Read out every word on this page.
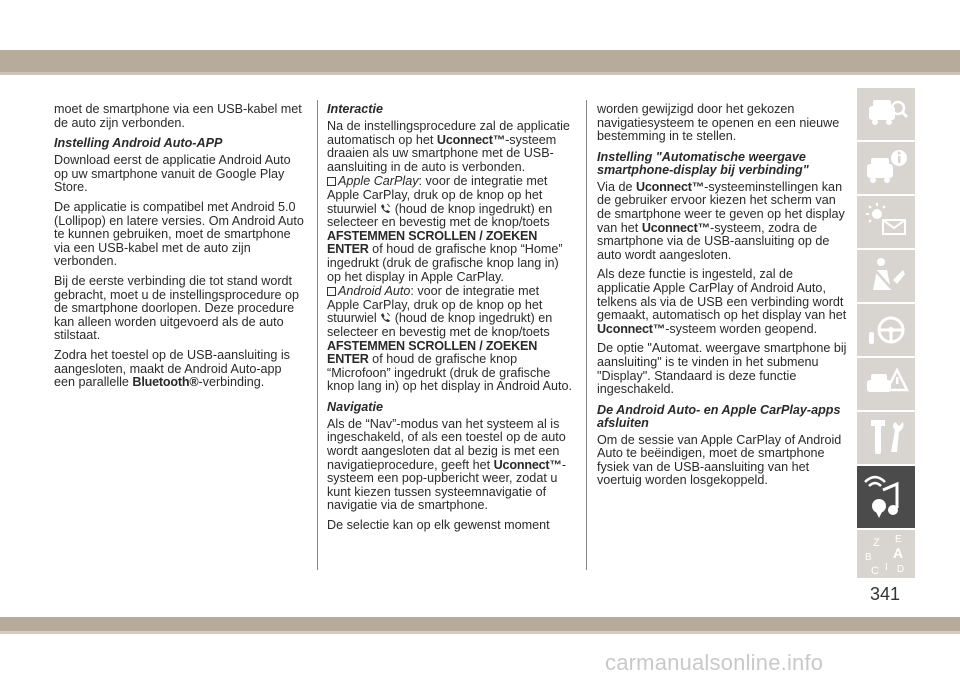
moet de smartphone via een USB-kabel met de auto zijn verbonden.

Instelling Android Auto-APP

Download eerst de applicatie Android Auto op uw smartphone vanuit de Google Play Store.

De applicatie is compatibel met Android 5.0 (Lollipop) en latere versies. Om Android Auto te kunnen gebruiken, moet de smartphone via een USB-kabel met de auto zijn verbonden.

Bij de eerste verbinding die tot stand wordt gebracht, moet u de instellingsprocedure op de smartphone doorlopen. Deze procedure kan alleen worden uitgevoerd als de auto stilstaat.

Zodra het toestel op de USB-aansluiting is aangesloten, maakt de Android Auto-app een parallelle Bluetooth®-verbinding.

Interactie

Na de instellingsprocedure zal de applicatie automatisch op het Uconnect™-systeem draaien als uw smartphone met de USB-aansluiting in de auto is verbonden.

Apple CarPlay: voor de integratie met Apple CarPlay, druk op de knop op het stuurwiel  (houd de knop ingedrukt) en selecteer en bevestig met de knop/toets AFSTEMMEN SCROLLEN / ZOEKEN ENTER of houd de grafische knop “Home” ingedrukt (druk de grafische knop lang in) op het display in Apple CarPlay.

Android Auto: voor de integratie met Apple CarPlay, druk op de knop op het stuurwiel  (houd de knop ingedrukt) en selecteer en bevestig met de knop/toets AFSTEMMEN SCROLLEN / ZOEKEN ENTER of houd de grafische knop “Microfoon” ingedrukt (druk de grafische knop lang in) op het display in Android Auto.

Navigatie

Als de “Nav”-modus van het systeem al is ingeschakeld, of als een toestel op de auto wordt aangesloten dat al bezig is met een navigatieprocedure, geeft het Uconnect™-systeem een pop-upbericht weer, zodat u kunt kiezen tussen systeemnavigatie of navigatie via de smartphone.

De selectie kan op elk gewenst moment

worden gewijzigd door het gekozen navigatiesysteem te openen en een nieuwe bestemming in te stellen.

Instelling "Automatische weergave smartphone-display bij verbinding"

Via de Uconnect™-systeeminstellingen kan de gebruiker ervoor kiezen het scherm van de smartphone weer te geven op het display van het Uconnect™-systeem, zodra de smartphone via de USB-aansluiting op de auto wordt aangesloten.

Als deze functie is ingesteld, zal de applicatie Apple CarPlay of Android Auto, telkens als via de USB een verbinding wordt gemaakt, automatisch op het display van het Uconnect™-systeem worden geopend.

De optie "Automat. weergave smartphone bij aansluiting" is te vinden in het submenu "Display". Standaard is deze functie ingeschakeld.

De Android Auto- en Apple CarPlay-apps afsluiten

Om de sessie van Apple CarPlay of Android Auto te beëindigen, moet de smartphone fysiek van de USB-aansluiting van het voertuig worden losgekoppeld.

Z E
B A
C D
I
341
carmanualsonline.info
